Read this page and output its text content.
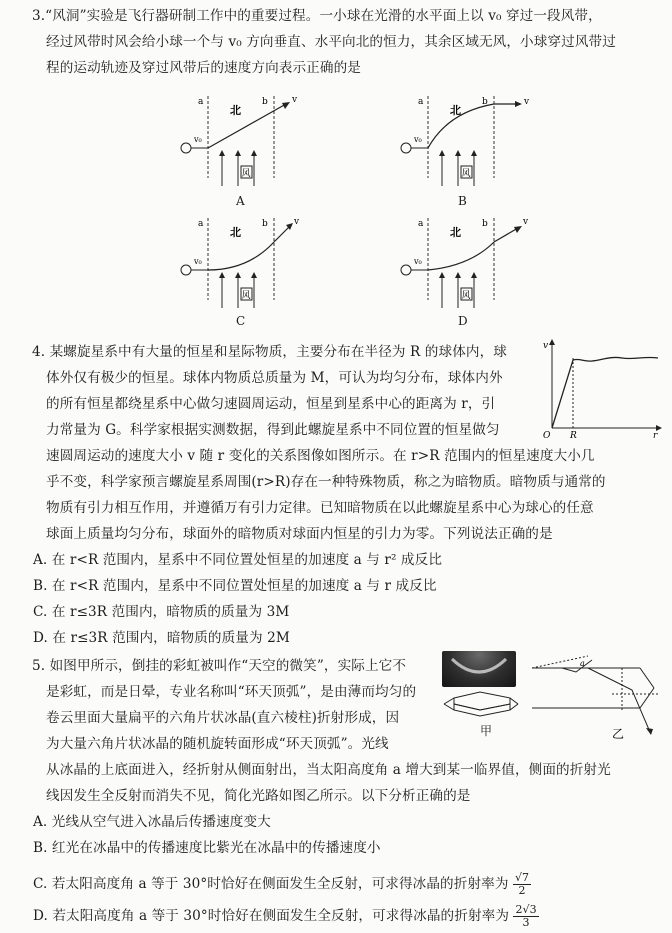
3.“风洞”实验是飞行器研制工作中的重要过程。一小球在光滑的水平面上以 v₀ 穿过一段风带，
经过风带时风会给小球一个与 v₀ 方向垂直、水平向北的恒力，其余区域无风，小球穿过风带过
程的运动轨迹及穿过风带后的速度方向表示正确的是
a	b
北
v₀
v
风
A
a	b
北
v₀
v
风
B
a	b
北
v₀
v
风
C
a	b
北
v₀
v
风
D
4. 某螺旋星系中有大量的恒星和星际物质，主要分布在半径为 R 的球体内，球
体外仅有极少的恒星。球体内物质总质量为 M，可认为均匀分布，球体内外
的所有恒星都绕星系中心做匀速圆周运动，恒星到星系中心的距离为 r，引
力常量为 G。科学家根据实测数据，得到此螺旋星系中不同位置的恒星做匀
速圆周运动的速度大小 v 随 r 变化的关系图像如图所示。在 r>R 范围内的恒星速度大小几
乎不变，科学家预言螺旋星系周围(r>R)存在一种特殊物质，称之为暗物质。暗物质与通常的
物质有引力相互作用，并遵循万有引力定律。已知暗物质在以此螺旋星系中心为球心的任意
球面上质量均匀分布，球面外的暗物质对球面内恒星的引力为零。下列说法正确的是
v
O	r
R
A. 在 r<R 范围内，星系中不同位置处恒星的加速度 a 与 r² 成反比
B. 在 r<R 范围内，星系中不同位置处恒星的加速度 a 与 r 成反比
C. 在 r≤3R 范围内，暗物质的质量为 3M
D. 在 r≤3R 范围内，暗物质的质量为 2M
5. 如图甲所示，倒挂的彩虹被叫作“天空的微笑”，实际上它不
是彩虹，而是日晕，专业名称叫“环天顶弧”，是由薄而均匀的
卷云里面大量扁平的六角片状冰晶(直六棱柱)折射形成，因
为大量六角片状冰晶的随机旋转面形成“环天顶弧”。光线
从冰晶的上底面进入，经折射从侧面射出，当太阳高度角 a 增大到某一临界值，侧面的折射光
线因发生全反射而消失不见，简化光路如图乙所示。以下分析正确的是
甲
a
乙
A. 光线从空气进入冰晶后传播速度变大
B. 红光在冰晶中的传播速度比紫光在冰晶中的传播速度小
C. 若太阳高度角 a 等于 30°时恰好在侧面发生全反射，可求得冰晶的折射率为 $\frac{√7}{2}$
D. 若太阳高度角 a 等于 30°时恰好在侧面发生全反射，可求得冰晶的折射率为 $\frac{2√3}{3}$
